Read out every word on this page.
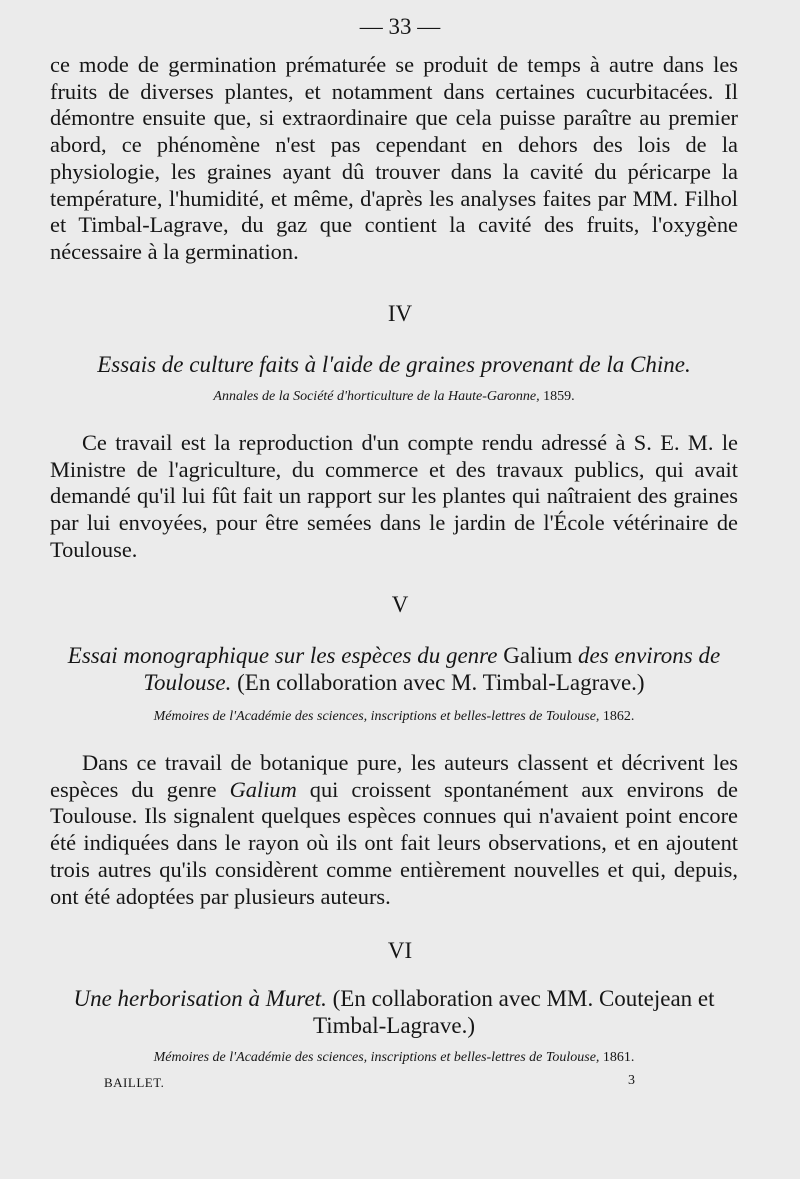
— 33 —

ce mode de germination prématurée se produit de temps à autre dans les fruits de diverses plantes, et notamment dans certaines cucurbitacées. Il démontre ensuite que, si extraordinaire que cela puisse paraître au premier abord, ce phénomène n'est pas cependant en dehors des lois de la physiologie, les graines ayant dû trouver dans la cavité du péricarpe la température, l'humidité, et même, d'après les analyses faites par MM. Filhol et Timbal-Lagrave, du gaz que contient la cavité des fruits, l'oxygène nécessaire à la germination.

IV

Essais de culture faits à l'aide de graines provenant de la Chine.

Annales de la Société d'horticulture de la Haute-Garonne, 1859.

Ce travail est la reproduction d'un compte rendu adressé à S. E. M. le Ministre de l'agriculture, du commerce et des travaux publics, qui avait demandé qu'il lui fût fait un rapport sur les plantes qui naîtraient des graines par lui envoyées, pour être semées dans le jardin de l'École vétérinaire de Toulouse.

V

Essai monographique sur les espèces du genre Galium des environs de Toulouse. (En collaboration avec M. Timbal-Lagrave.)

Mémoires de l'Académie des sciences, inscriptions et belles-lettres de Toulouse, 1862.

Dans ce travail de botanique pure, les auteurs classent et décrivent les espèces du genre Galium qui croissent spontanément aux environs de Toulouse. Ils signalent quelques espèces connues qui n'avaient point encore été indiquées dans le rayon où ils ont fait leurs observations, et en ajoutent trois autres qu'ils considèrent comme entièrement nouvelles et qui, depuis, ont été adoptées par plusieurs auteurs.

VI

Une herborisation à Muret. (En collaboration avec MM. Coutejean et Timbal-Lagrave.)

Mémoires de l'Académie des sciences, inscriptions et belles-lettres de Toulouse, 1861.
BAILLET.	3
